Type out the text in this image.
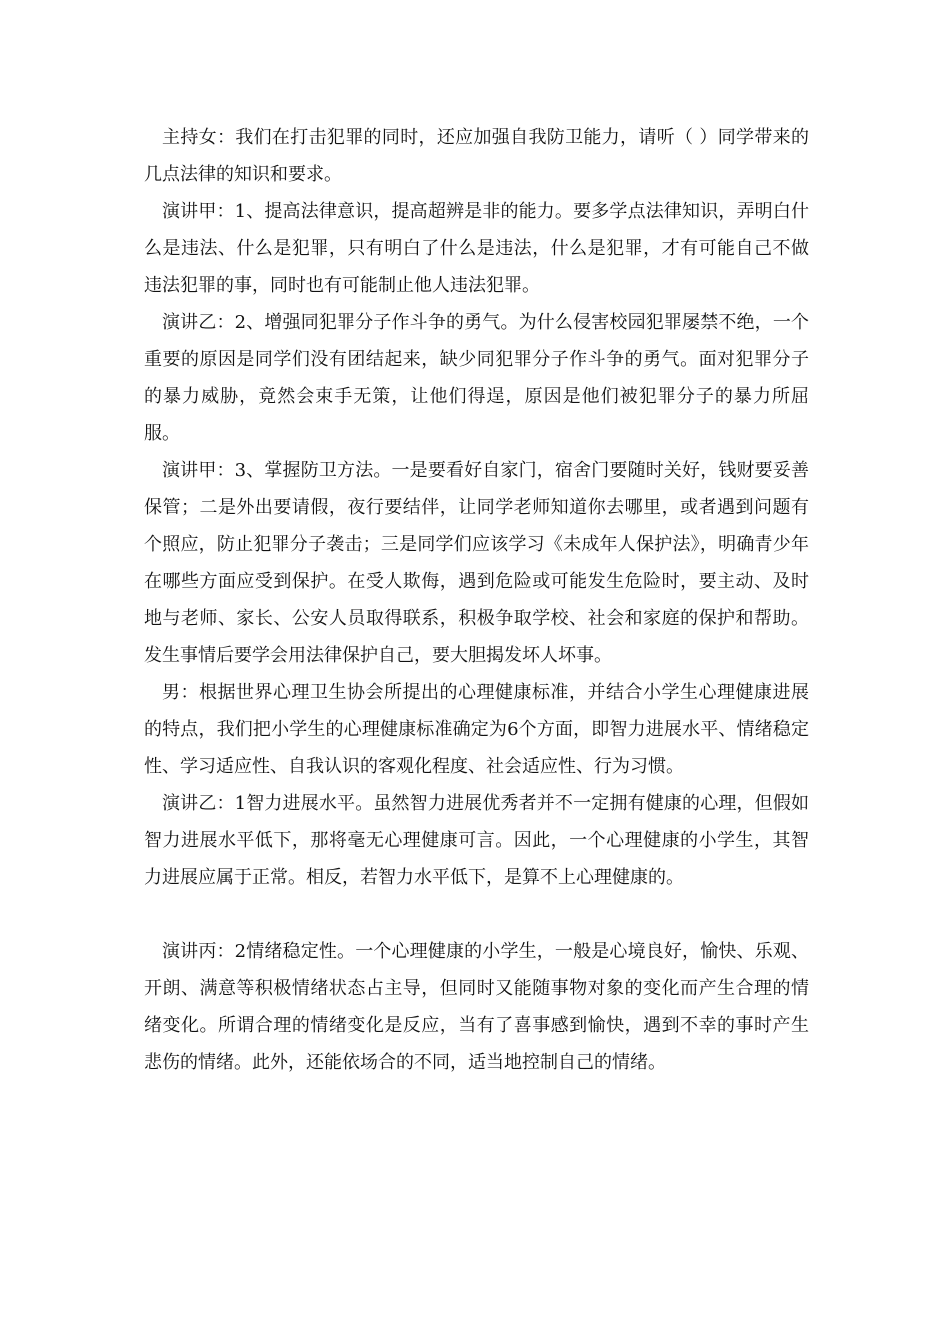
主持女：我们在打击犯罪的同时，还应加强自我防卫能力，请听（ ）同学带来的几点法律的知识和要求。

演讲甲：1、提高法律意识，提高超辨是非的能力。要多学点法律知识，弄明白什么是违法、什么是犯罪，只有明白了什么是违法，什么是犯罪，才有可能自己不做违法犯罪的事，同时也有可能制止他人违法犯罪。

演讲乙：2、增强同犯罪分子作斗争的勇气。为什么侵害校园犯罪屡禁不绝，一个重要的原因是同学们没有团结起来，缺少同犯罪分子作斗争的勇气。面对犯罪分子的暴力威胁，竟然会束手无策，让他们得逞，原因是他们被犯罪分子的暴力所屈服。

演讲甲：3、掌握防卫方法。一是要看好自家门，宿舍门要随时关好，钱财要妥善保管；二是外出要请假，夜行要结伴，让同学老师知道你去哪里，或者遇到问题有个照应，防止犯罪分子袭击；三是同学们应该学习《未成年人保护法》，明确青少年在哪些方面应受到保护。在受人欺侮，遇到危险或可能发生危险时，要主动、及时地与老师、家长、公安人员取得联系，积极争取学校、社会和家庭的保护和帮助。发生事情后要学会用法律保护自己，要大胆揭发坏人坏事。

男：根据世界心理卫生协会所提出的心理健康标准，并结合小学生心理健康进展的特点，我们把小学生的心理健康标准确定为6个方面，即智力进展水平、情绪稳定性、学习适应性、自我认识的客观化程度、社会适应性、行为习惯。

演讲乙：1智力进展水平。虽然智力进展优秀者并不一定拥有健康的心理，但假如智力进展水平低下，那将毫无心理健康可言。因此，一个心理健康的小学生，其智力进展应属于正常。相反，若智力水平低下，是算不上心理健康的。

演讲丙：2情绪稳定性。一个心理健康的小学生，一般是心境良好，愉快、乐观、开朗、满意等积极情绪状态占主导，但同时又能随事物对象的变化而产生合理的情绪变化。所谓合理的情绪变化是反应，当有了喜事感到愉快，遇到不幸的事时产生悲伤的情绪。此外，还能依场合的不同，适当地控制自己的情绪。
